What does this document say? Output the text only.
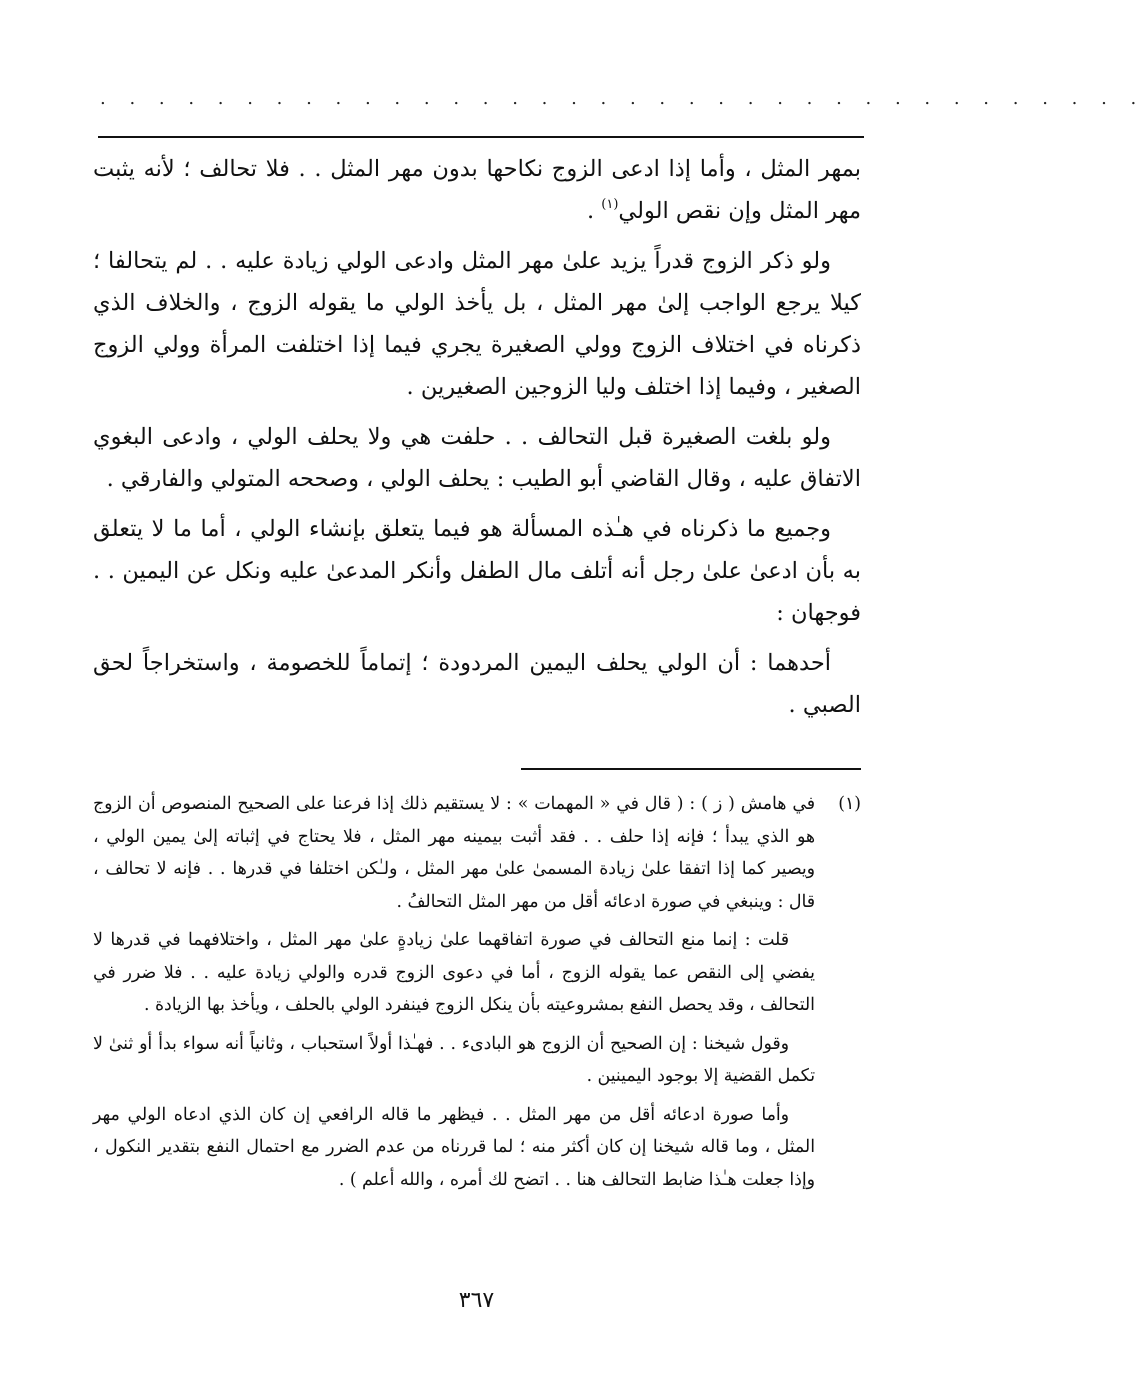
. . . . . . . . . . . . . . . . . . . . . . . . . . . . . . . . . . . .

بمهر المثل ، وأما إذا ادعى الزوج نكاحها بدون مهر المثل . . فلا تحالف ؛ لأنه يثبت مهر المثل وإن نقص الولي$^{(١)}$ .

ولو ذكر الزوج قدراً يزيد علىٰ مهر المثل وادعى الولي زيادة عليه . . لم يتحالفا ؛ كيلا يرجع الواجب إلىٰ مهر المثل ، بل يأخذ الولي ما يقوله الزوج ، والخلاف الذي ذكرناه في اختلاف الزوج وولي الصغيرة يجري فيما إذا اختلفت المرأة وولي الزوج الصغير ، وفيما إذا اختلف وليا الزوجين الصغيرين .

ولو بلغت الصغيرة قبل التحالف . . حلفت هي ولا يحلف الولي ، وادعى البغوي الاتفاق عليه ، وقال القاضي أبو الطيب : يحلف الولي ، وصححه المتولي والفارقي .

وجميع ما ذكرناه في هـٰذه المسألة هو فيما يتعلق بإنشاء الولي ، أما ما لا يتعلق به بأن ادعىٰ علىٰ رجل أنه أتلف مال الطفل وأنكر المدعىٰ عليه ونكل عن اليمين . . فوجهان :

أحدهما : أن الولي يحلف اليمين المردودة ؛ إتماماً للخصومة ، واستخراجاً لحق الصبي .

(١)

في هامش ( ز ) : ( قال في « المهمات » : لا يستقيم ذلك إذا فرعنا على الصحيح المنصوص أن الزوج هو الذي يبدأ ؛ فإنه إذا حلف . . فقد أثبت بيمينه مهر المثل ، فلا يحتاج في إثباته إلىٰ يمين الولي ، ويصير كما إذا اتفقا علىٰ زيادة المسمىٰ علىٰ مهر المثل ، ولـٰكن اختلفا في قدرها . . فإنه لا تحالف ، قال : وينبغي في صورة ادعائه أقل من مهر المثل التحالفُ .

قلت : إنما منع التحالف في صورة اتفاقهما علىٰ زيادةٍ علىٰ مهر المثل ، واختلافهما في قدرها لا يفضي إلى النقص عما يقوله الزوج ، أما في دعوى الزوج قدره والولي زيادة عليه . . فلا ضرر في التحالف ، وقد يحصل النفع بمشروعيته بأن ينكل الزوج فينفرد الولي بالحلف ، ويأخذ بها الزيادة .

وقول شيخنا : إن الصحيح أن الزوج هو البادىء . . فهـٰذا أولاً استحباب ، وثانياً أنه سواء بدأ أو ثنىٰ لا تكمل القضية إلا بوجود اليمينين .

وأما صورة ادعائه أقل من مهر المثل . . فيظهر ما قاله الرافعي إن كان الذي ادعاه الولي مهر المثل ، وما قاله شيخنا إن كان أكثر منه ؛ لما قررناه من عدم الضرر مع احتمال النفع بتقدير النكول ، وإذا جعلت هـٰذا ضابط التحالف هنا . . اتضح لك أمره ، والله أعلم ) .

٣٦٧
